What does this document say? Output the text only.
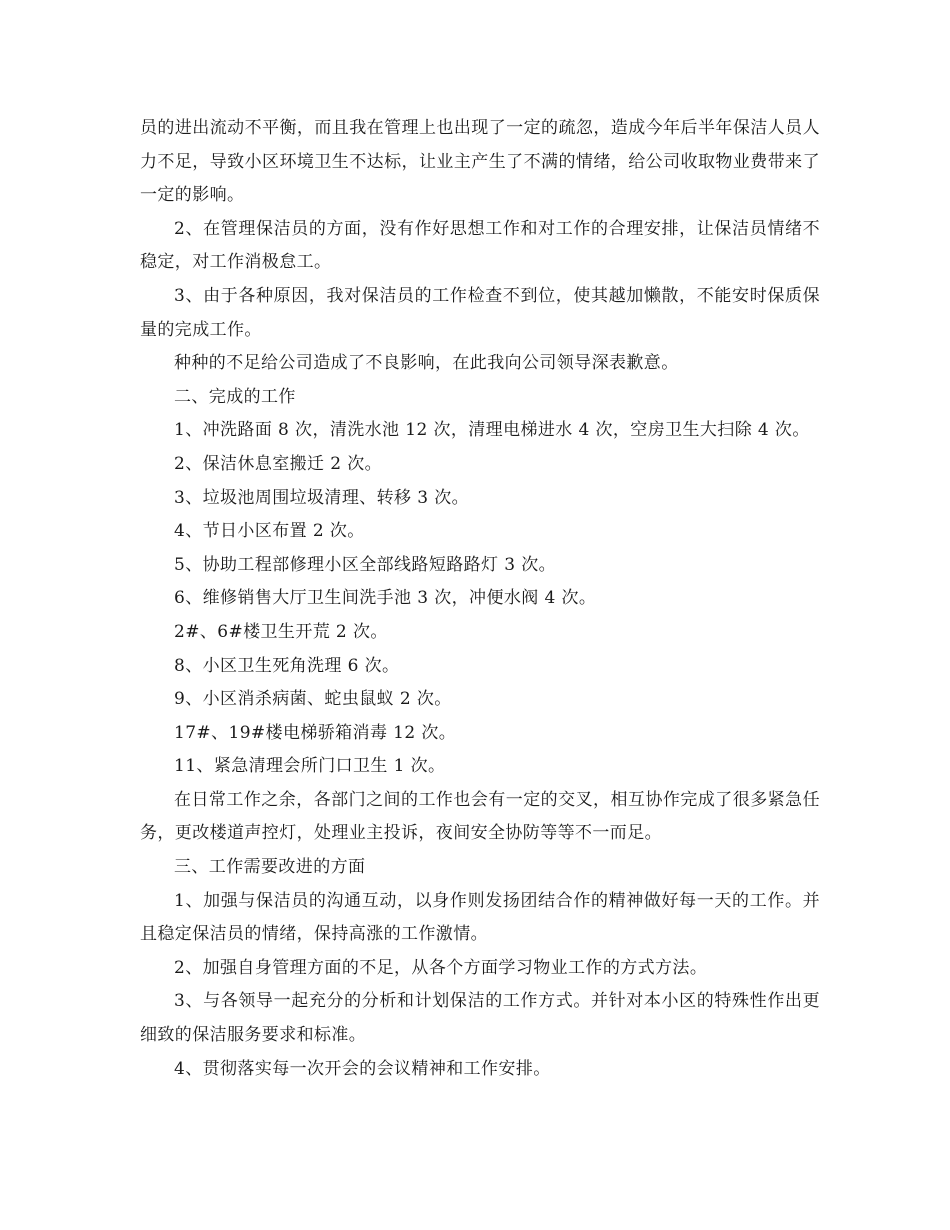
员的进出流动不平衡，而且我在管理上也出现了一定的疏忽，造成今年后半年保洁人员人力不足，导致小区环境卫生不达标，让业主产生了不满的情绪，给公司收取物业费带来了一定的影响。

2、在管理保洁员的方面，没有作好思想工作和对工作的合理安排，让保洁员情绪不稳定，对工作消极怠工。

3、由于各种原因，我对保洁员的工作检查不到位，使其越加懒散，不能安时保质保量的完成工作。

种种的不足给公司造成了不良影响，在此我向公司领导深表歉意。

二、完成的工作

1、冲洗路面 8 次，清洗水池 12 次，清理电梯进水 4 次，空房卫生大扫除 4 次。

2、保洁休息室搬迁 2 次。

3、垃圾池周围垃圾清理、转移 3 次。

4、节日小区布置 2 次。

5、协助工程部修理小区全部线路短路路灯 3 次。

6、维修销售大厅卫生间洗手池 3 次，冲便水阀 4 次。

2#、6#楼卫生开荒 2 次。

8、小区卫生死角洗理 6 次。

9、小区消杀病菌、蛇虫鼠蚁 2 次。

17#、19#楼电梯骄箱消毒 12 次。

11、紧急清理会所门口卫生 1 次。

在日常工作之余，各部门之间的工作也会有一定的交叉，相互协作完成了很多紧急任务，更改楼道声控灯，处理业主投诉，夜间安全协防等等不一而足。

三、工作需要改进的方面

1、加强与保洁员的沟通互动，以身作则发扬团结合作的精神做好每一天的工作。并且稳定保洁员的情绪，保持高涨的工作激情。

2、加强自身管理方面的不足，从各个方面学习物业工作的方式方法。

3、与各领导一起充分的分析和计划保洁的工作方式。并针对本小区的特殊性作出更细致的保洁服务要求和标准。

4、贯彻落实每一次开会的会议精神和工作安排。
